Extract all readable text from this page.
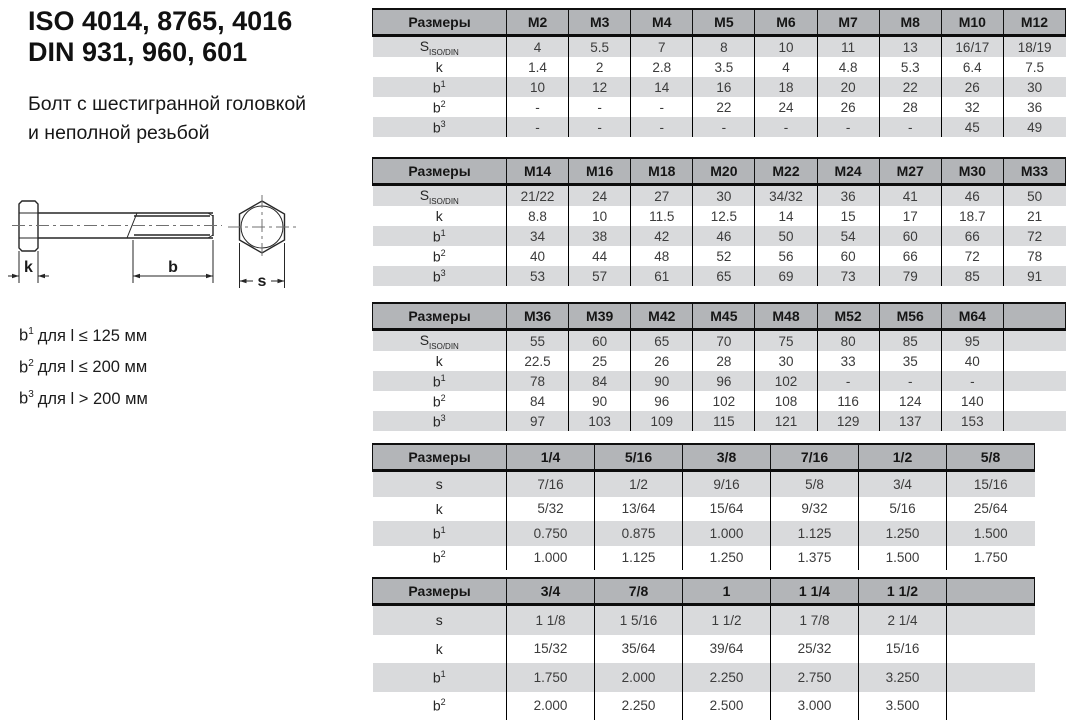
ISO 4014, 8765, 4016
DIN 931, 960, 601
Болт с шестигранной головкой
и неполной резьбой
k	b
s
$b^1$ для l ≤ 125 мм
$b^2$ для l ≤ 200 мм
$b^3$ для l > 200 мм
Размеры	M2	M3	M4	M5	M6	M7	M8	M10	M12
$S_{ISO/DIN}$	4	5.5	7	8	10	11	13	16/17	18/19
k	1.4	2	2.8	3.5	4	4.8	5.3	6.4	7.5
$b^1$	10	12	14	16	18	20	22	26	30
$b^2$	-	-	-	22	24	26	28	32	36
$b^3$	-	-	-	-	-	-	-	45	49
Размеры	M14	M16	M18	M20	M22	M24	M27	M30	M33
$S_{ISO/DIN}$	21/22	24	27	30	34/32	36	41	46	50
k	8.8	10	11.5	12.5	14	15	17	18.7	21
$b^1$	34	38	42	46	50	54	60	66	72
$b^2$	40	44	48	52	56	60	66	72	78
$b^3$	53	57	61	65	69	73	79	85	91
Размеры	M36	M39	M42	M45	M48	M52	M56	M64	
$S_{ISO/DIN}$	55	60	65	70	75	80	85	95	
k	22.5	25	26	28	30	33	35	40	
$b^1$	78	84	90	96	102	-	-	-	
$b^2$	84	90	96	102	108	116	124	140	
$b^3$	97	103	109	115	121	129	137	153	
Размеры	1/4	5/16	3/8	7/16	1/2	5/8
s	7/16	1/2	9/16	5/8	3/4	15/16
k	5/32	13/64	15/64	9/32	5/16	25/64
$b^1$	0.750	0.875	1.000	1.125	1.250	1.500
$b^2$	1.000	1.125	1.250	1.375	1.500	1.750
Размеры	3/4	7/8	1	1 1/4	1 1/2	
s	1 1/8	1 5/16	1 1/2	1 7/8	2 1/4	
k	15/32	35/64	39/64	25/32	15/16	
$b^1$	1.750	2.000	2.250	2.750	3.250	
$b^2$	2.000	2.250	2.500	3.000	3.500	
